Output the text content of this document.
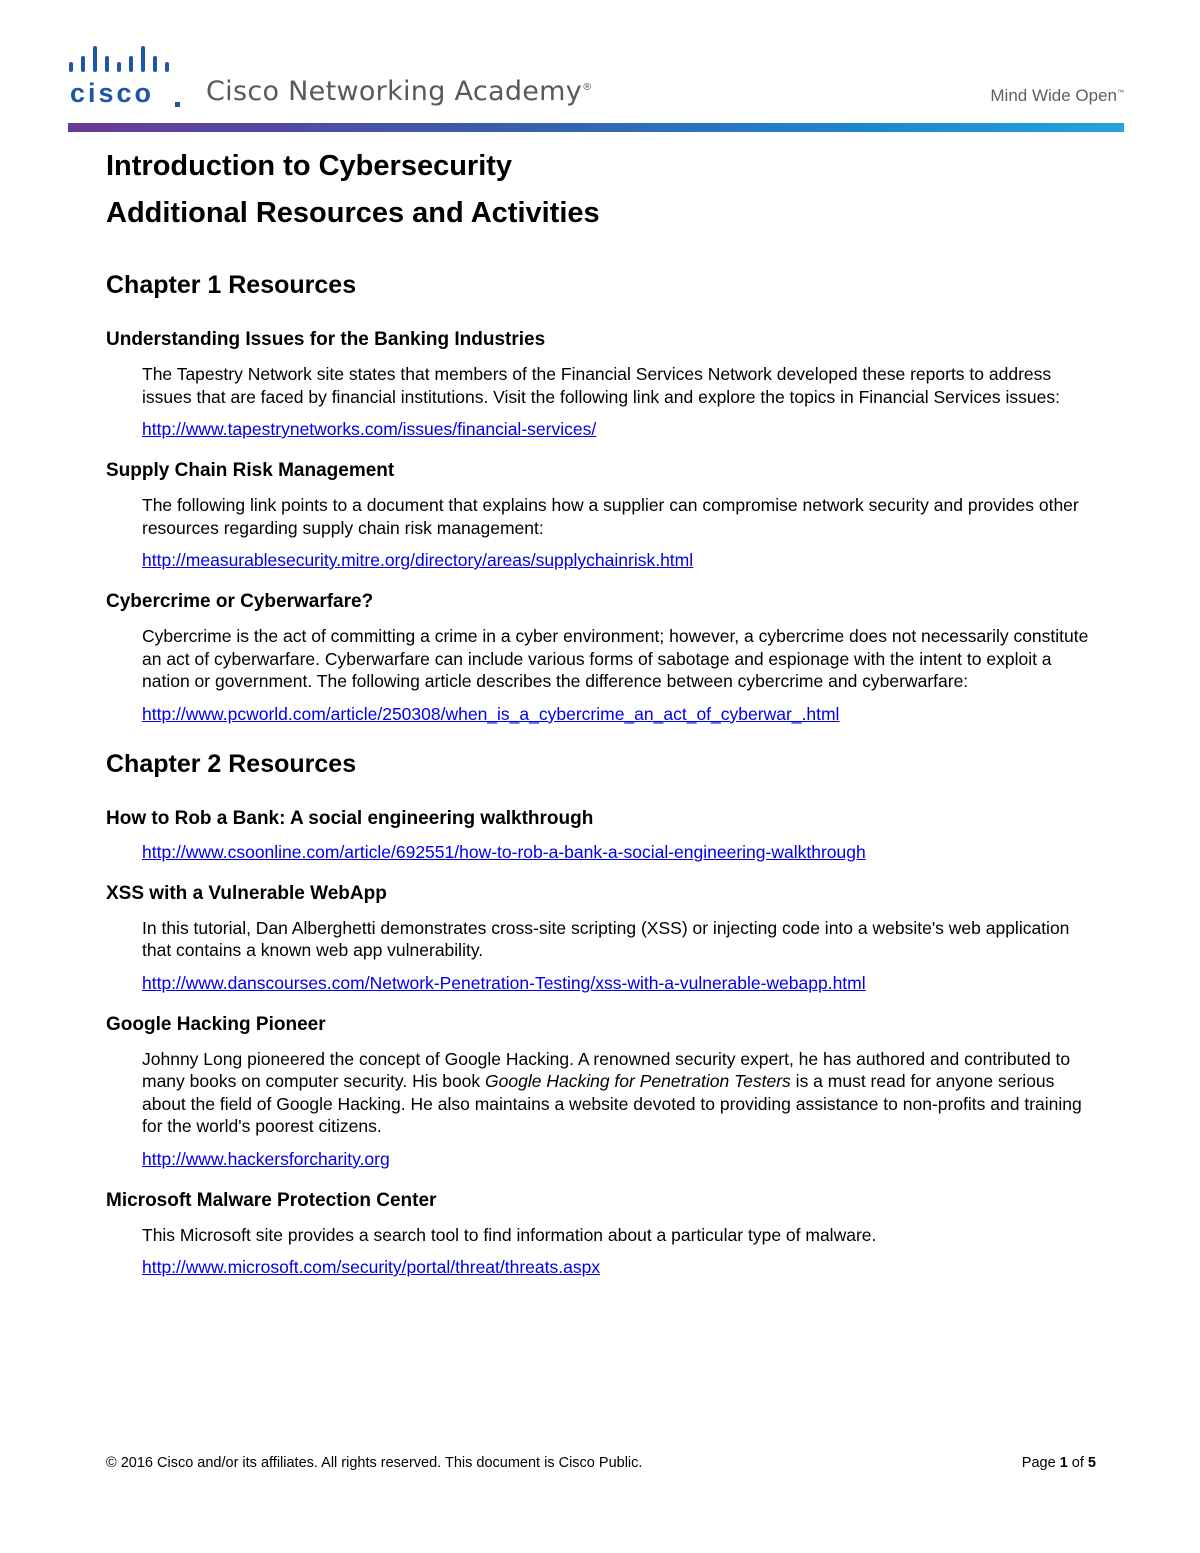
cisco Cisco Networking Academy®	Mind Wide Open™
Introduction to Cybersecurity
Additional Resources and Activities
Chapter 1 Resources
Understanding Issues for the Banking Industries

The Tapestry Network site states that members of the Financial Services Network developed these reports to address issues that are faced by financial institutions. Visit the following link and explore the topics in Financial Services issues:

http://www.tapestrynetworks.com/issues/financial-services/
Supply Chain Risk Management

The following link points to a document that explains how a supplier can compromise network security and provides other resources regarding supply chain risk management:

http://measurablesecurity.mitre.org/directory/areas/supplychainrisk.html
Cybercrime or Cyberwarfare?

Cybercrime is the act of committing a crime in a cyber environment; however, a cybercrime does not necessarily constitute an act of cyberwarfare. Cyberwarfare can include various forms of sabotage and espionage with the intent to exploit a nation or government. The following article describes the difference between cybercrime and cyberwarfare:

http://www.pcworld.com/article/250308/when_is_a_cybercrime_an_act_of_cyberwar_.html
Chapter 2 Resources
How to Rob a Bank: A social engineering walkthrough
http://www.csoonline.com/article/692551/how-to-rob-a-bank-a-social-engineering-walkthrough
XSS with a Vulnerable WebApp

In this tutorial, Dan Alberghetti demonstrates cross-site scripting (XSS) or injecting code into a website's web application that contains a known web app vulnerability.

http://www.danscourses.com/Network-Penetration-Testing/xss-with-a-vulnerable-webapp.html
Google Hacking Pioneer

Johnny Long pioneered the concept of Google Hacking. A renowned security expert, he has authored and contributed to many books on computer security. His book Google Hacking for Penetration Testers is a must read for anyone serious about the field of Google Hacking. He also maintains a website devoted to providing assistance to non-profits and training for the world's poorest citizens.

http://www.hackersforcharity.org
Microsoft Malware Protection Center

This Microsoft site provides a search tool to find information about a particular type of malware.

http://www.microsoft.com/security/portal/threat/threats.aspx
© 2016 Cisco and/or its affiliates. All rights reserved. This document is Cisco Public.	Page 1 of 5
